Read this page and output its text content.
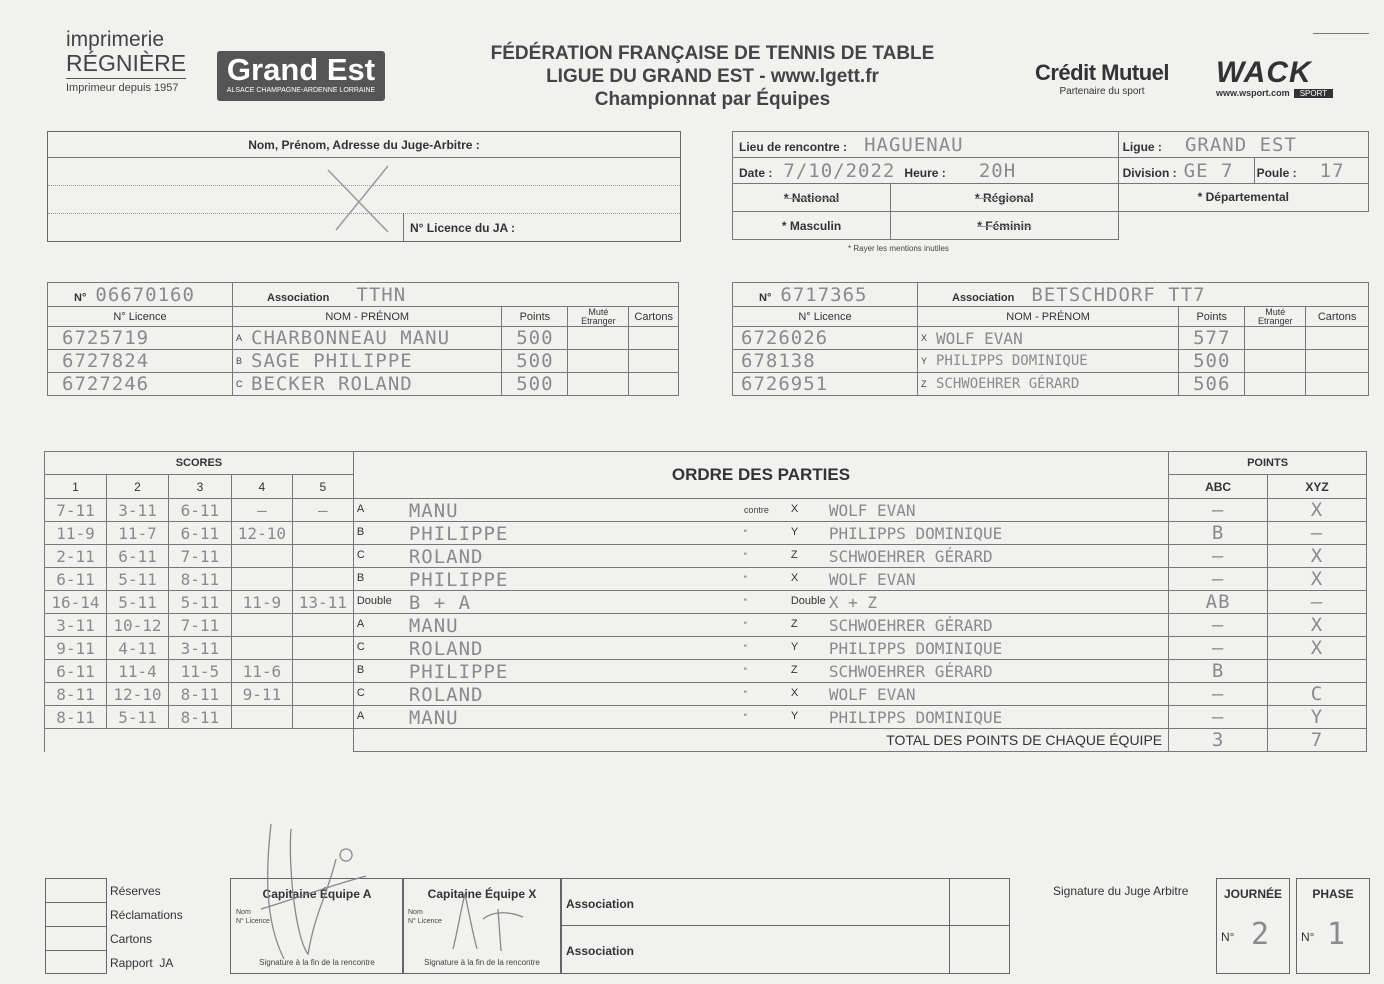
imprimerie
RÉGNIÈRE
Imprimeur depuis 1957
Grand Est
ALSACE CHAMPAGNE-ARDENNE LORRAINE
FÉDÉRATION FRANÇAISE DE TENNIS DE TABLE
LIGUE DU GRAND EST - www.lgett.fr
Championnat par Équipes
Crédit Mutuel
Partenaire du sport
WACK
www.wsport.com	SPORT
Nom, Prénom, Adresse du Juge-Arbitre :
N° Licence du JA :
Lieu de rencontre : HAGUENAU		Ligue : GRAND EST	
Date : 7/10/2022 Heure : 20H		Division : GE 7	Poule : 17
* National	* Régional	* Départemental	
* Masculin	* Féminin		
* Rayer les mentions inutiles
N° 06670160	Association TTHN				
N° Licence	NOM - PRÉNOM		Points	Muté Etranger	Cartons
6725719	A	CHARBONNEAU MANU	500		
6727824	B	SAGE PHILIPPE	500		
6727246	C	BECKER ROLAND	500		
N° 6717365	Association BETSCHDORF TT7				
N° Licence	NOM - PRÉNOM		Points	Muté Etranger	Cartons
6726026	X	WOLF EVAN	577		
678138	Y	PHILIPPS DOMINIQUE	500		
6726951	Z	SCHWOEHRER GÉRARD	506		
SCORES					ORDRE DES PARTIES	POINTS	
1	2	3	4	5		ABC	XYZ
7-11	3-11	6-11	—	—	A MANU contre X WOLF EVAN	—	X
11-9	11-7	6-11	12-10		B PHILIPPE “ Y PHILIPPS DOMINIQUE	B	—
2-11	6-11	7-11			C ROLAND “ Z SCHWOEHRER GÉRARD	—	X
6-11	5-11	8-11			B PHILIPPE “ X WOLF EVAN	—	X
16-14	5-11	5-11	11-9	13-11	Double B + A “ Double X + Z	AB	—
3-11	10-12	7-11			A MANU “ Z SCHWOEHRER GÉRARD	—	X
9-11	4-11	3-11			C ROLAND “ Y PHILIPPS DOMINIQUE	—	X
6-11	11-4	11-5	11-6		B PHILIPPE “ Z SCHWOEHRER GÉRARD	B	
8-11	12-10	8-11	9-11		C ROLAND “ X WOLF EVAN	—	C
8-11	5-11	8-11			A MANU “ Y PHILIPPS DOMINIQUE	—	Y
					TOTAL DES POINTS DE CHAQUE ÉQUIPE	3	7
Réserves
Réclamations
Cartons
Rapport  JA
Capitaine Équipe A
Nom
N° Licence
Signature à la fin de la rencontre
Capitaine Équipe X
Nom
N° Licence
Signature à la fin de la rencontre
Association
Association
Signature du Juge Arbitre	JOURNÉE
N° 2
PHASE
N° 1
